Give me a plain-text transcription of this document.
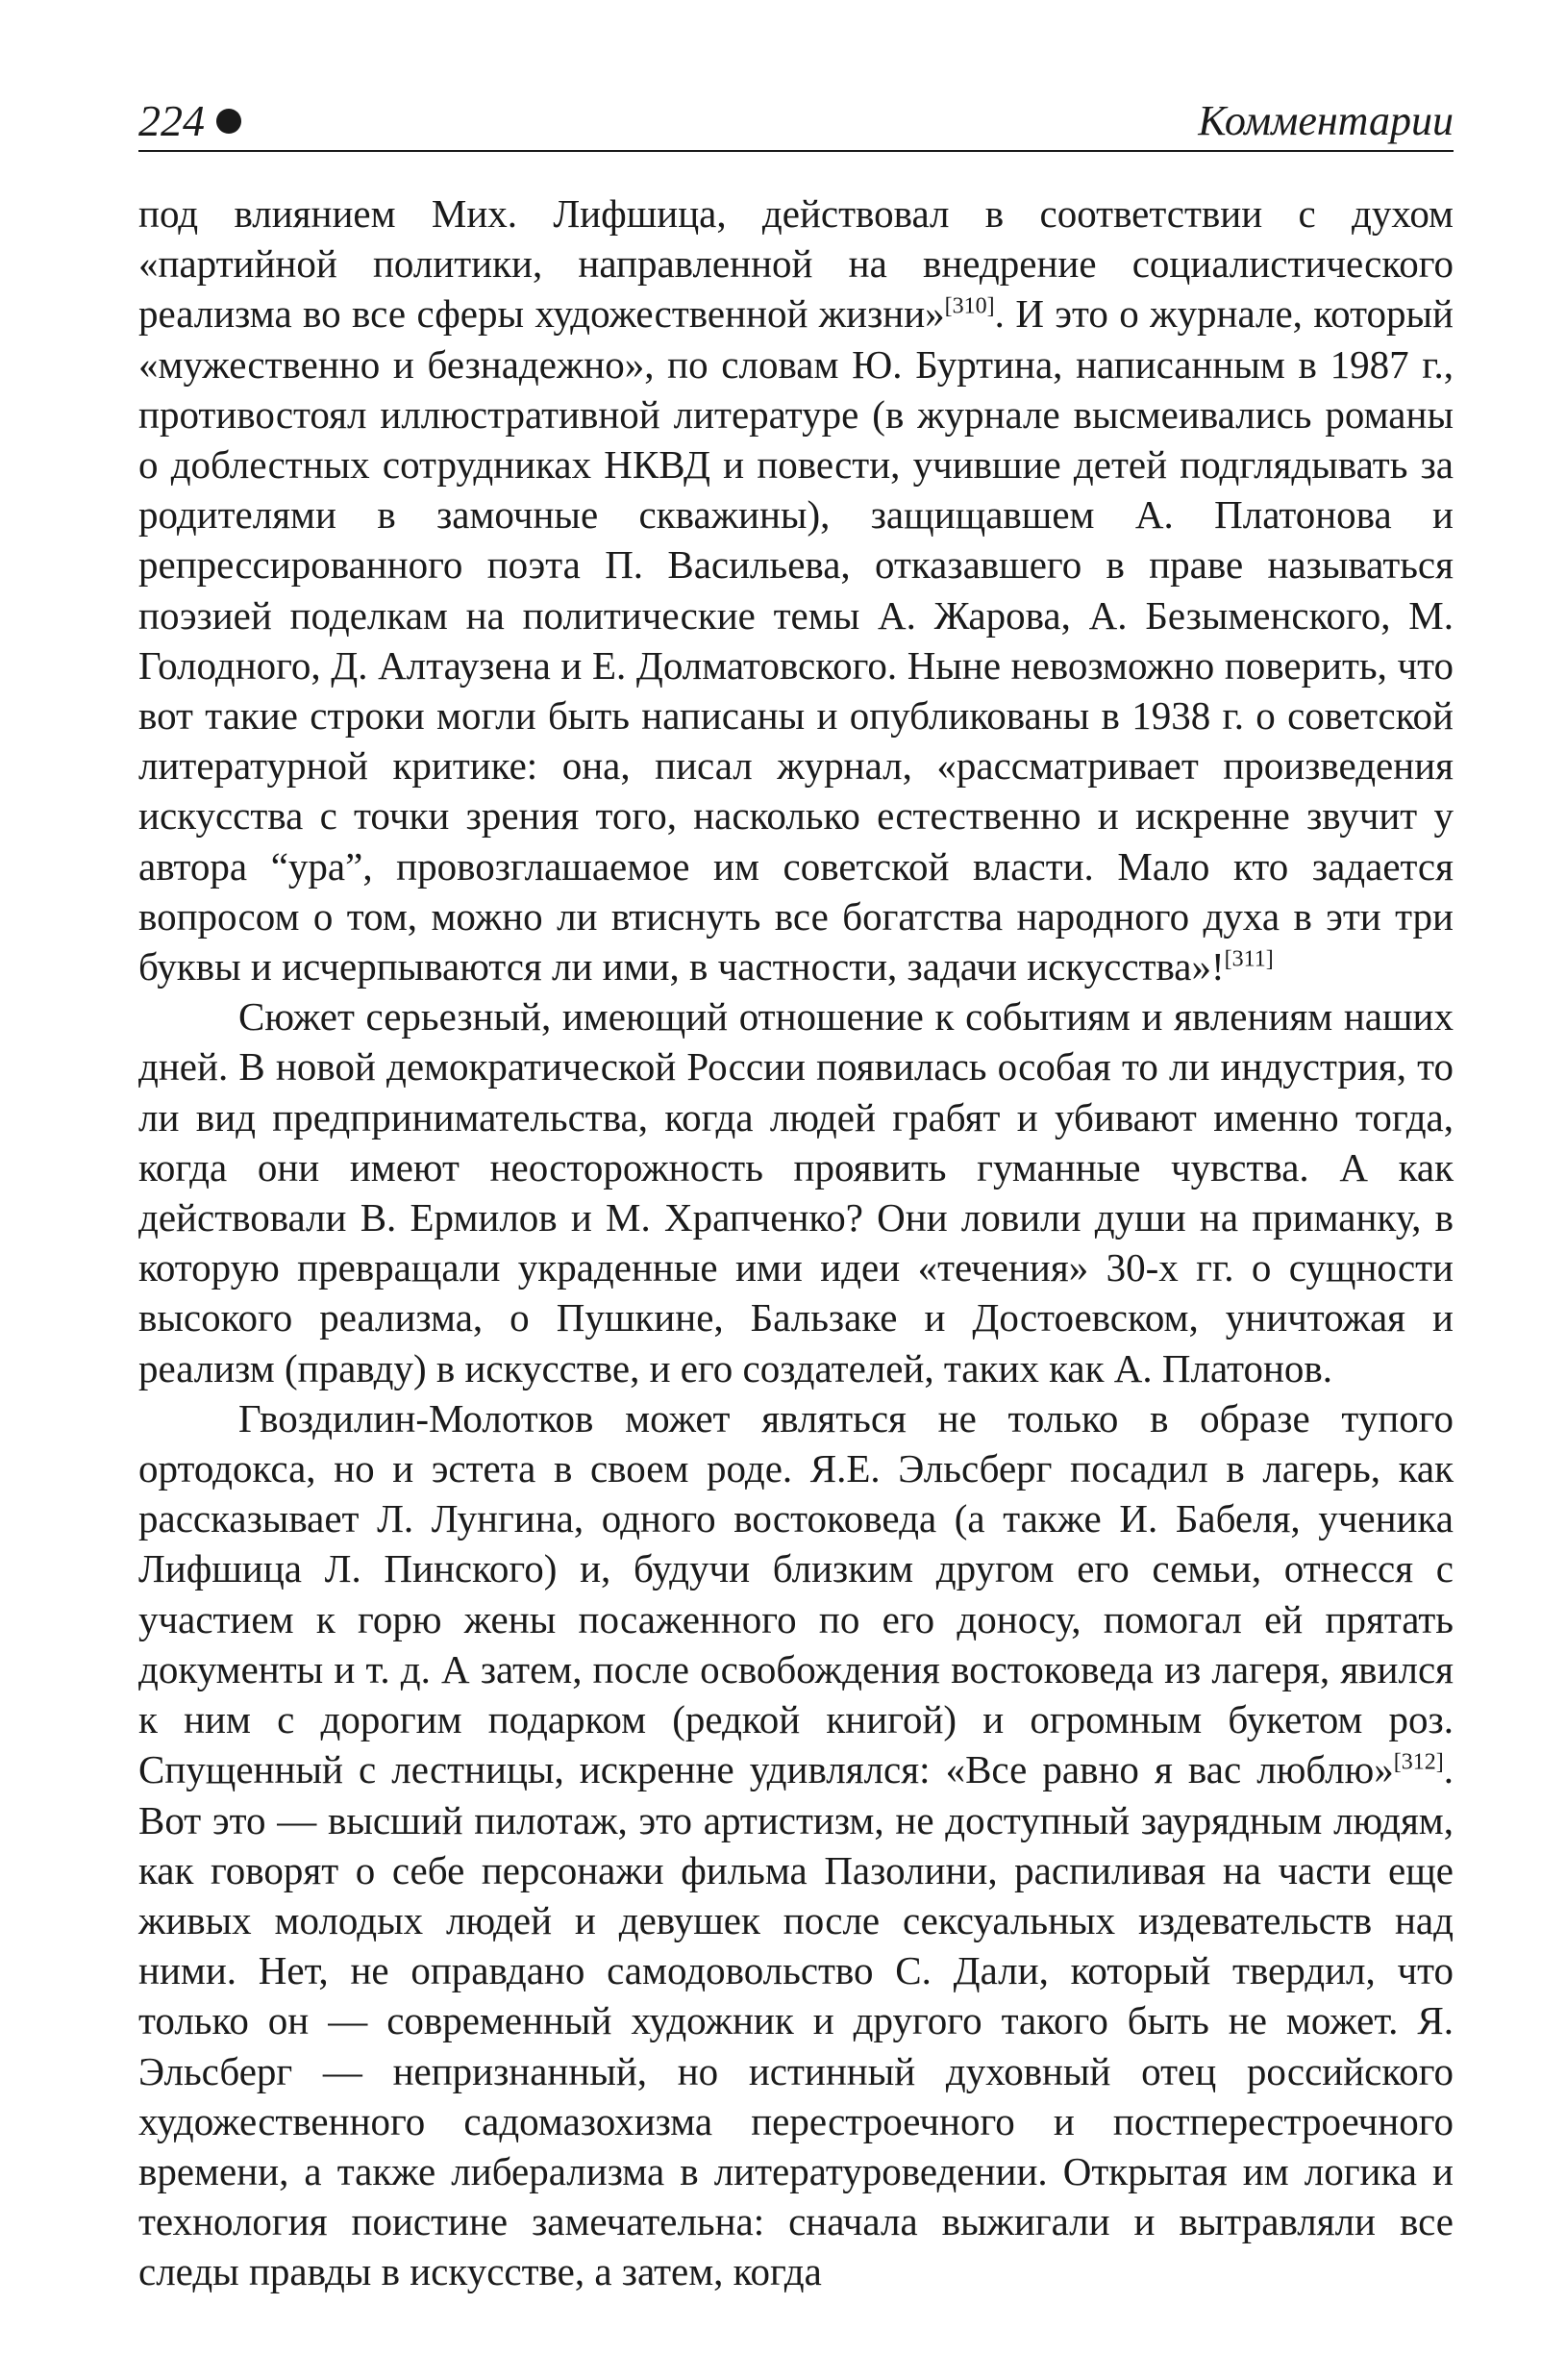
224	Комментарии

под влиянием Мих. Лифшица, действовал в соответствии с духом «партийной политики, направленной на внедрение социалистического реализма во все сферы художественной жизни»[310]. И это о журнале, который «мужественно и безнадежно», по словам Ю. Буртина, написанным в 1987 г., противостоял иллюстративной литературе (в журнале высмеивались романы о доблестных сотрудниках НКВД и повести, учившие детей подглядывать за родителями в замочные скважины), защищавшем А. Платонова и репрессированного поэта П. Васильева, отказавшего в праве называться поэзией поделкам на политические темы А. Жарова, А. Безыменского, М. Голодного, Д. Алтаузена и Е. Долматовского. Ныне невозможно поверить, что вот такие строки могли быть написаны и опубликованы в 1938 г. о советской литературной критике: она, писал журнал, «рассматривает произведения искусства с точки зрения того, насколько естественно и искренне звучит у автора “ура”, провозглашаемое им советской власти. Мало кто задается вопросом о том, можно ли втиснуть все богатства народного духа в эти три буквы и исчерпываются ли ими, в частности, задачи искусства»![311]

Сюжет серьезный, имеющий отношение к событиям и явлениям наших дней. В новой демократической России появилась особая то ли индустрия, то ли вид предпринимательства, когда людей грабят и убивают именно тогда, когда они имеют неосторожность проявить гуманные чувства. А как действовали В. Ермилов и М. Храпченко? Они ловили души на приманку, в которую превращали украденные ими идеи «течения» 30-х гг. о сущности высокого реализма, о Пушкине, Бальзаке и Достоевском, уничтожая и реализм (правду) в искусстве, и его создателей, таких как А. Платонов.

Гвоздилин-Молотков может являться не только в образе тупого ортодокса, но и эстета в своем роде. Я.Е. Эльсберг посадил в лагерь, как рассказывает Л. Лунгина, одного востоковеда (а также И. Бабеля, ученика Лифшица Л. Пинского) и, будучи близким другом его семьи, отнесся с участием к горю жены посаженного по его доносу, помогал ей прятать документы и т. д. А затем, после освобождения востоковеда из лагеря, явился к ним с дорогим подарком (редкой книгой) и огромным букетом роз. Спущенный с лестницы, искренне удивлялся: «Все равно я вас люблю»[312]. Вот это — высший пилотаж, это артистизм, не доступный заурядным людям, как говорят о себе персонажи фильма Пазолини, распиливая на части еще живых молодых людей и девушек после сексуальных издевательств над ними. Нет, не оправдано самодовольство С. Дали, который твердил, что только он — современный художник и другого такого быть не может. Я. Эльсберг — непризнанный, но истинный духовный отец российского художественного садомазохизма перестроечного и постперестроечного времени, а также либерализма в литературоведении. Открытая им логика и технология поистине замечательна: сначала выжигали и вытравляли все следы правды в искусстве, а затем, когда
